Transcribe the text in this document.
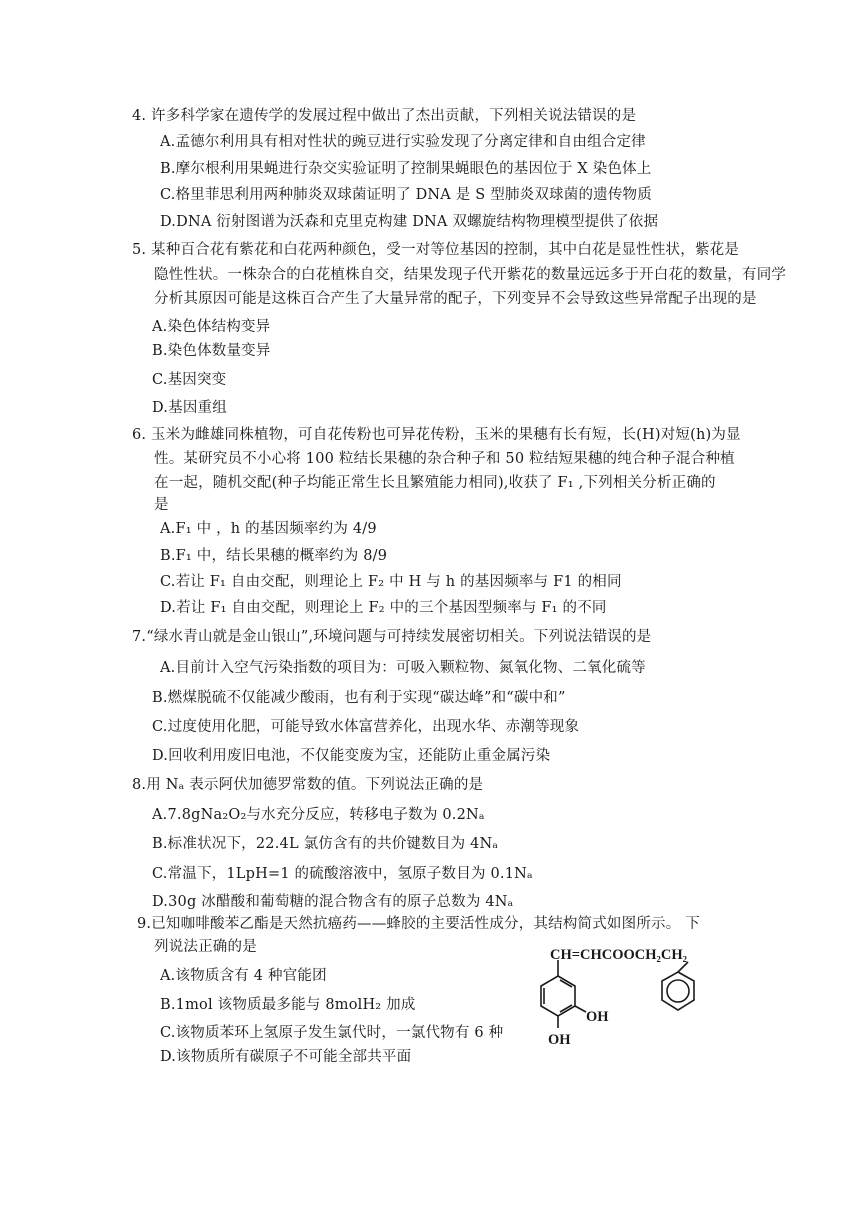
4. 许多科学家在遗传学的发展过程中做出了杰出贡献，下列相关说法错误的是
A.孟德尔利用具有相对性状的豌豆进行实验发现了分离定律和自由组合定律
B.摩尔根利用果蝇进行杂交实验证明了控制果蝇眼色的基因位于 X 染色体上
C.格里菲思利用两种肺炎双球菌证明了 DNA 是 S 型肺炎双球菌的遗传物质
D.DNA 衍射图谱为沃森和克里克构建 DNA 双螺旋结构物理模型提供了依据
5. 某种百合花有紫花和白花两种颜色，受一对等位基因的控制，其中白花是显性性状，紫花是
隐性性状。一株杂合的白花植株自交，结果发现子代开紫花的数量远远多于开白花的数量，有同学
分析其原因可能是这株百合产生了大量异常的配子，下列变异不会导致这些异常配子出现的是
A.染色体结构变异
B.染色体数量变异
C.基因突变
D.基因重组
6. 玉米为雌雄同株植物，可自花传粉也可异花传粉，玉米的果穗有长有短，长(H)对短(h)为显
性。某研究员不小心将 100 粒结长果穗的杂合种子和 50 粒结短果穗的纯合种子混合种植
在一起，随机交配(种子均能正常生长且繁殖能力相同),收获了 F₁ ,下列相关分析正确的
是
A.F₁ 中 ，h 的基因频率约为 4/9
B.F₁ 中，结长果穗的概率约为 8/9
C.若让 F₁ 自由交配，则理论上 F₂ 中 H 与 h 的基因频率与 F1 的相同
D.若让 F₁ 自由交配，则理论上 F₂ 中的三个基因型频率与 F₁ 的不同
7.“绿水青山就是金山银山”,环境问题与可持续发展密切相关。下列说法错误的是
A.目前计入空气污染指数的项目为：可吸入颗粒物、氮氧化物、二氧化硫等
B.燃煤脱硫不仅能减少酸雨，也有利于实现“碳达峰”和“碳中和”
C.过度使用化肥，可能导致水体富营养化，出现水华、赤潮等现象
D.回收利用废旧电池，不仅能变废为宝，还能防止重金属污染
8.用 Nₐ 表示阿伏加德罗常数的值。下列说法正确的是
A.7.8gNa₂O₂与水充分反应，转移电子数为 0.2Nₐ
B.标准状况下，22.4L 氯仿含有的共价键数目为 4Nₐ
C.常温下，1LpH=1 的硫酸溶液中，氢原子数目为 0.1Nₐ
D.30g 冰醋酸和葡萄糖的混合物含有的原子总数为 4Nₐ
9.已知咖啡酸苯乙酯是天然抗癌药——蜂胶的主要活性成分，其结构简式如图所示。 下
列说法正确的是
A.该物质含有 4 种官能团
B.1mol 该物质最多能与 8molH₂ 加成
C.该物质苯环上氢原子发生氯代时，一氯代物有 6 种
D.该物质所有碳原子不可能全部共平面
CH=CHCOOCH₂CH₂
OH
OH
